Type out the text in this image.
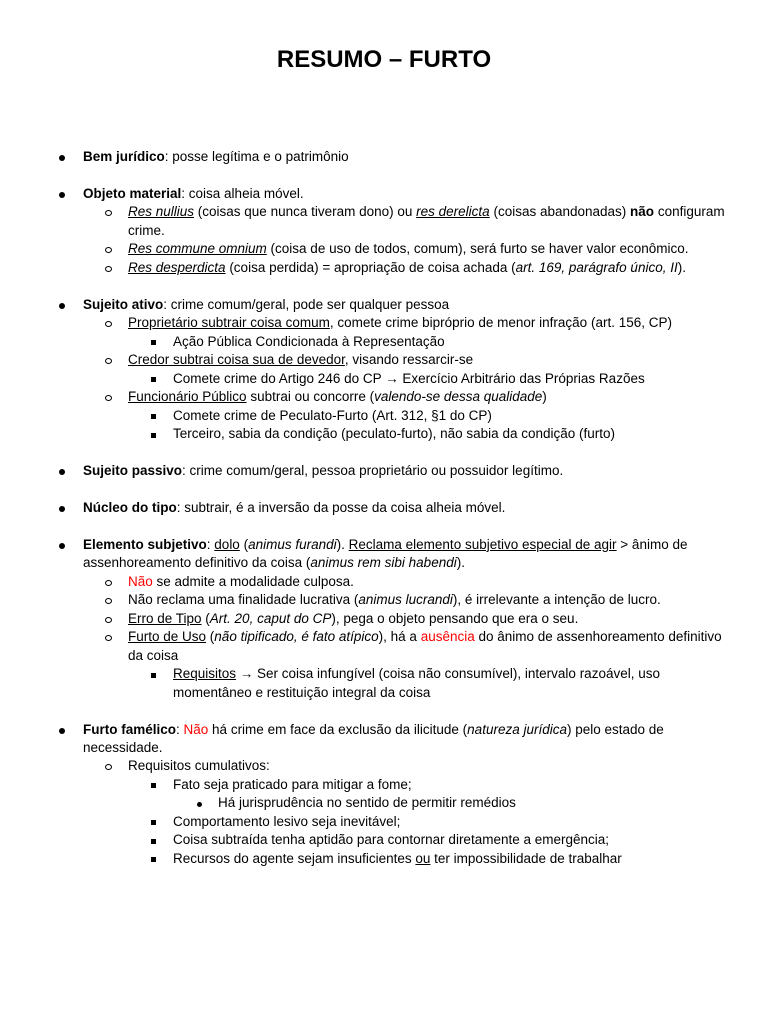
RESUMO – FURTO
Bem jurídico: posse legítima e o patrimônio
Objeto material: coisa alheia móvel.
Res nullius (coisas que nunca tiveram dono) ou res derelicta (coisas abandonadas) não configuram crime.
Res commune omnium (coisa de uso de todos, comum), será furto se haver valor econômico.
Res desperdicta (coisa perdida) = apropriação de coisa achada (art. 169, parágrafo único, II).
Sujeito ativo: crime comum/geral, pode ser qualquer pessoa
Proprietário subtrair coisa comum, comete crime bipróprio de menor infração (art. 156, CP)
Ação Pública Condicionada à Representação
Credor subtrai coisa sua de devedor, visando ressarcir-se
Comete crime do Artigo 246 do CP → Exercício Arbitrário das Próprias Razões
Funcionário Público subtrai ou concorre (valendo-se dessa qualidade)
Comete crime de Peculato-Furto (Art. 312, §1 do CP)
Terceiro, sabia da condição (peculato-furto), não sabia da condição (furto)
Sujeito passivo: crime comum/geral, pessoa proprietário ou possuidor legítimo.
Núcleo do tipo: subtrair, é a inversão da posse da coisa alheia móvel.
Elemento subjetivo: dolo (animus furandi). Reclama elemento subjetivo especial de agir > ânimo de assenhoreamento definitivo da coisa (animus rem sibi habendi).
Não se admite a modalidade culposa.
Não reclama uma finalidade lucrativa (animus lucrandi), é irrelevante a intenção de lucro.
Erro de Tipo (Art. 20, caput do CP), pega o objeto pensando que era o seu.
Furto de Uso (não tipificado, é fato atípico), há a ausência do ânimo de assenhoreamento definitivo da coisa
Requisitos → Ser coisa infungível (coisa não consumível), intervalo razoável, uso momentâneo e restituição integral da coisa
Furto famélico: Não há crime em face da exclusão da ilicitude (natureza jurídica) pelo estado de necessidade.
Requisitos cumulativos:
Fato seja praticado para mitigar a fome;
Há jurisprudência no sentido de permitir remédios
Comportamento lesivo seja inevitável;
Coisa subtraída tenha aptidão para contornar diretamente a emergência;
Recursos do agente sejam insuficientes ou ter impossibilidade de trabalhar
